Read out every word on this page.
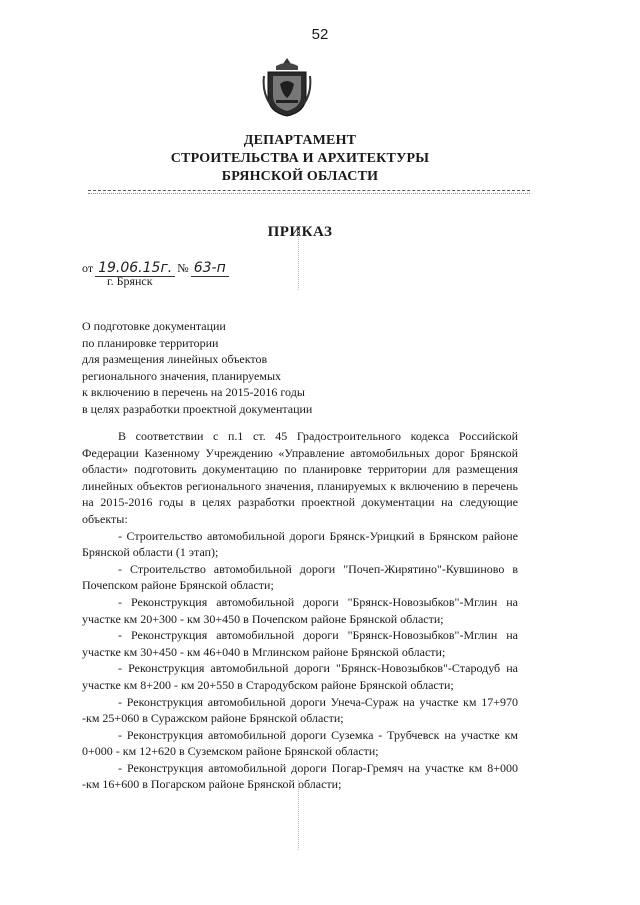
52
ДЕПАРТАМЕНТ
СТРОИТЕЛЬСТВА И АРХИТЕКТУРЫ
БРЯНСКОЙ ОБЛАСТИ
ПРИКАЗ
от 19.06.15г. № 63-п
г. Брянск
О подготовке документации
по планировке территории
для размещения линейных объектов
регионального значения, планируемых
к включению в перечень на 2015-2016 годы
в целях разработки проектной документации

В соответствии с п.1 ст. 45 Градостроительного кодекса Российской Федерации Казенному Учреждению «Управление автомобильных дорог Брянской области» подготовить документацию по планировке территории для размещения линейных объектов регионального значения, планируемых к включению в перечень на 2015-2016 годы в целях разработки проектной документации на следующие объекты:

- Строительство автомобильной дороги Брянск-Урицкий в Брянском районе Брянской области (1 этап);

- Строительство автомобильной дороги "Почеп-Жирятино"-Кувшиново в Почепском районе Брянской области;

- Реконструкция автомобильной дороги "Брянск-Новозыбков"-Мглин на участке км 20+300 - км 30+450 в Почепском районе Брянской области;

- Реконструкция автомобильной дороги "Брянск-Новозыбков"-Мглин на участке км 30+450 - км 46+040 в Мглинском районе Брянской области;

- Реконструкция автомобильной дороги "Брянск-Новозыбков"-Стародуб на участке км 8+200 - км 20+550 в Стародубском районе Брянской области;

- Реконструкция автомобильной дороги Унеча-Сураж на участке км 17+970 -км 25+060 в Суражском районе Брянской области;

- Реконструкция автомобильной дороги Суземка - Трубчевск на участке км 0+000 - км 12+620 в Суземском районе Брянской области;

- Реконструкция автомобильной дороги Погар-Гремяч на участке км 8+000 -км 16+600 в Погарском районе Брянской области;
